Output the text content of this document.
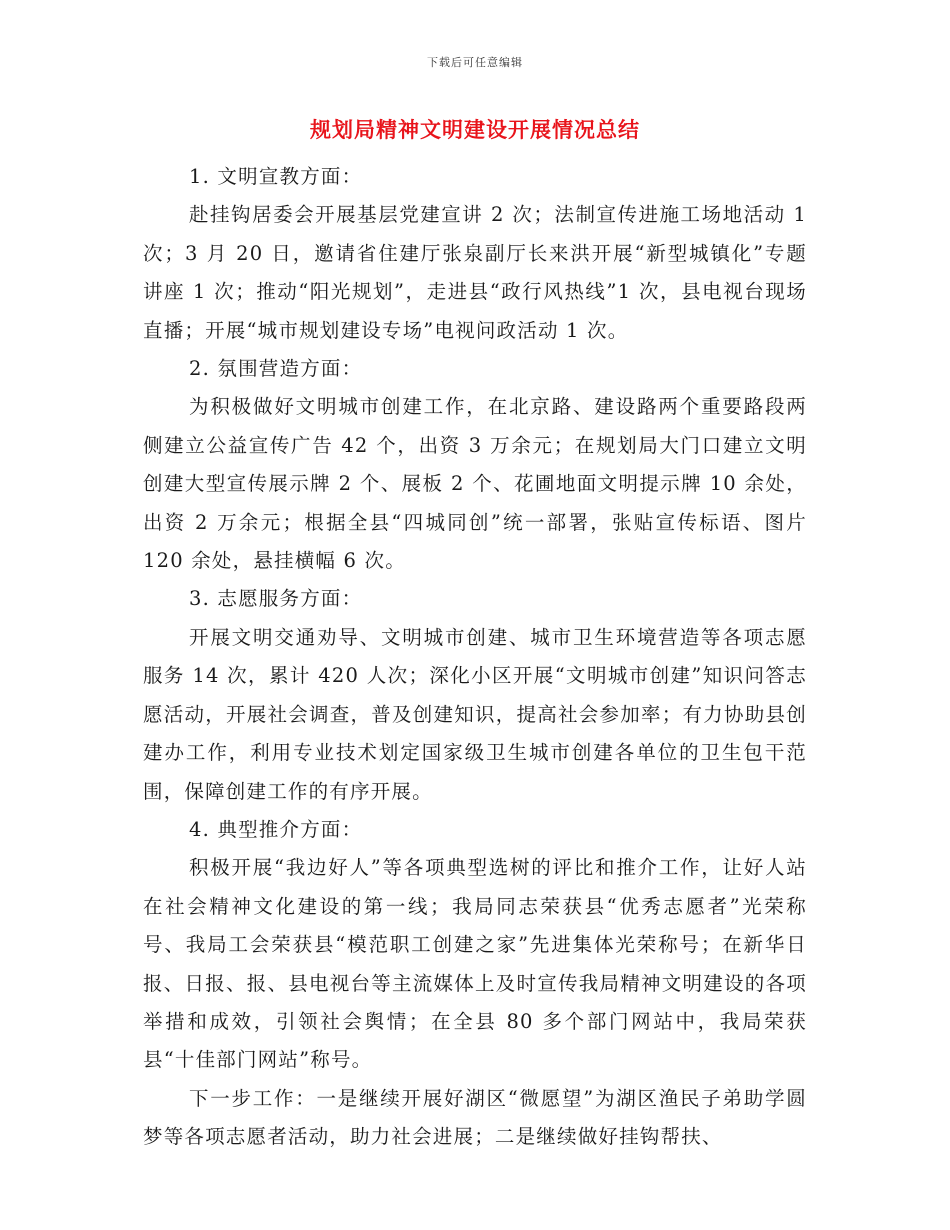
下载后可任意编辑
规划局精神文明建设开展情况总结

1. 文明宣教方面：

赴挂钩居委会开展基层党建宣讲 2 次；法制宣传进施工场地活动 1 次；3 月 20 日，邀请省住建厅张泉副厅长来洪开展“新型城镇化”专题讲座 1 次；推动“阳光规划”，走进县“政行风热线”1 次，县电视台现场直播；开展“城市规划建设专场”电视问政活动 1 次。

2. 氛围营造方面：

为积极做好文明城市创建工作，在北京路、建设路两个重要路段两侧建立公益宣传广告 42 个，出资 3 万余元；在规划局大门口建立文明创建大型宣传展示牌 2 个、展板 2 个、花圃地面文明提示牌 10 余处，出资 2 万余元；根据全县“四城同创”统一部署，张贴宣传标语、图片 120 余处，悬挂横幅 6 次。

3. 志愿服务方面：

开展文明交通劝导、文明城市创建、城市卫生环境营造等各项志愿服务 14 次，累计 420 人次；深化小区开展“文明城市创建”知识问答志愿活动，开展社会调查，普及创建知识，提高社会参加率；有力协助县创建办工作，利用专业技术划定国家级卫生城市创建各单位的卫生包干范围，保障创建工作的有序开展。

4. 典型推介方面：

积极开展“我边好人”等各项典型选树的评比和推介工作，让好人站在社会精神文化建设的第一线；我局同志荣获县“优秀志愿者”光荣称号、我局工会荣获县“模范职工创建之家”先进集体光荣称号；在新华日报、日报、报、县电视台等主流媒体上及时宣传我局精神文明建设的各项举措和成效，引领社会舆情；在全县 80 多个部门网站中，我局荣获县“十佳部门网站”称号。

下一步工作：一是继续开展好湖区“微愿望”为湖区渔民子弟助学圆梦等各项志愿者活动，助力社会进展；二是继续做好挂钩帮扶、
